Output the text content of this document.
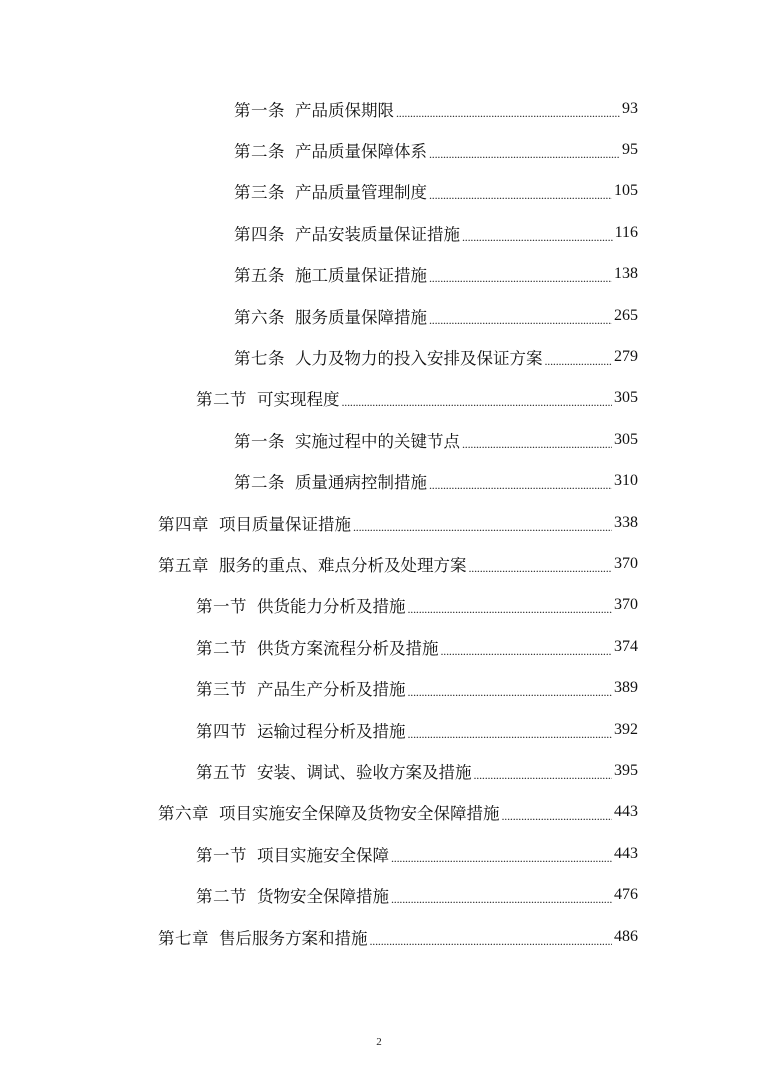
第一条 产品质保期限 . . .	93
第二条 产品质量保障体系 . . .	95
第三条 产品质量管理制度 . . .	105
第四条 产品安装质量保证措施 . . .	116
第五条 施工质量保证措施 . . .	138
第六条 服务质量保障措施 . . .	265
第七条 人力及物力的投入安排及保证方案 . . .	279
第二节 可实现程度 . . .	305
第一条 实施过程中的关键节点 . . .	305
第二条 质量通病控制措施 . . .	310
第四章 项目质量保证措施 . . .	338
第五章 服务的重点、难点分析及处理方案 . . .	370
第一节 供货能力分析及措施 . . .	370
第二节 供货方案流程分析及措施 . . .	374
第三节 产品生产分析及措施 . . .	389
第四节 运输过程分析及措施 . . .	392
第五节 安装、调试、验收方案及措施 . . .	395
第六章 项目实施安全保障及货物安全保障措施 . . .	443
第一节 项目实施安全保障 . . .	443
第二节 货物安全保障措施 . . .	476
第七章 售后服务方案和措施 . . .	486
2
